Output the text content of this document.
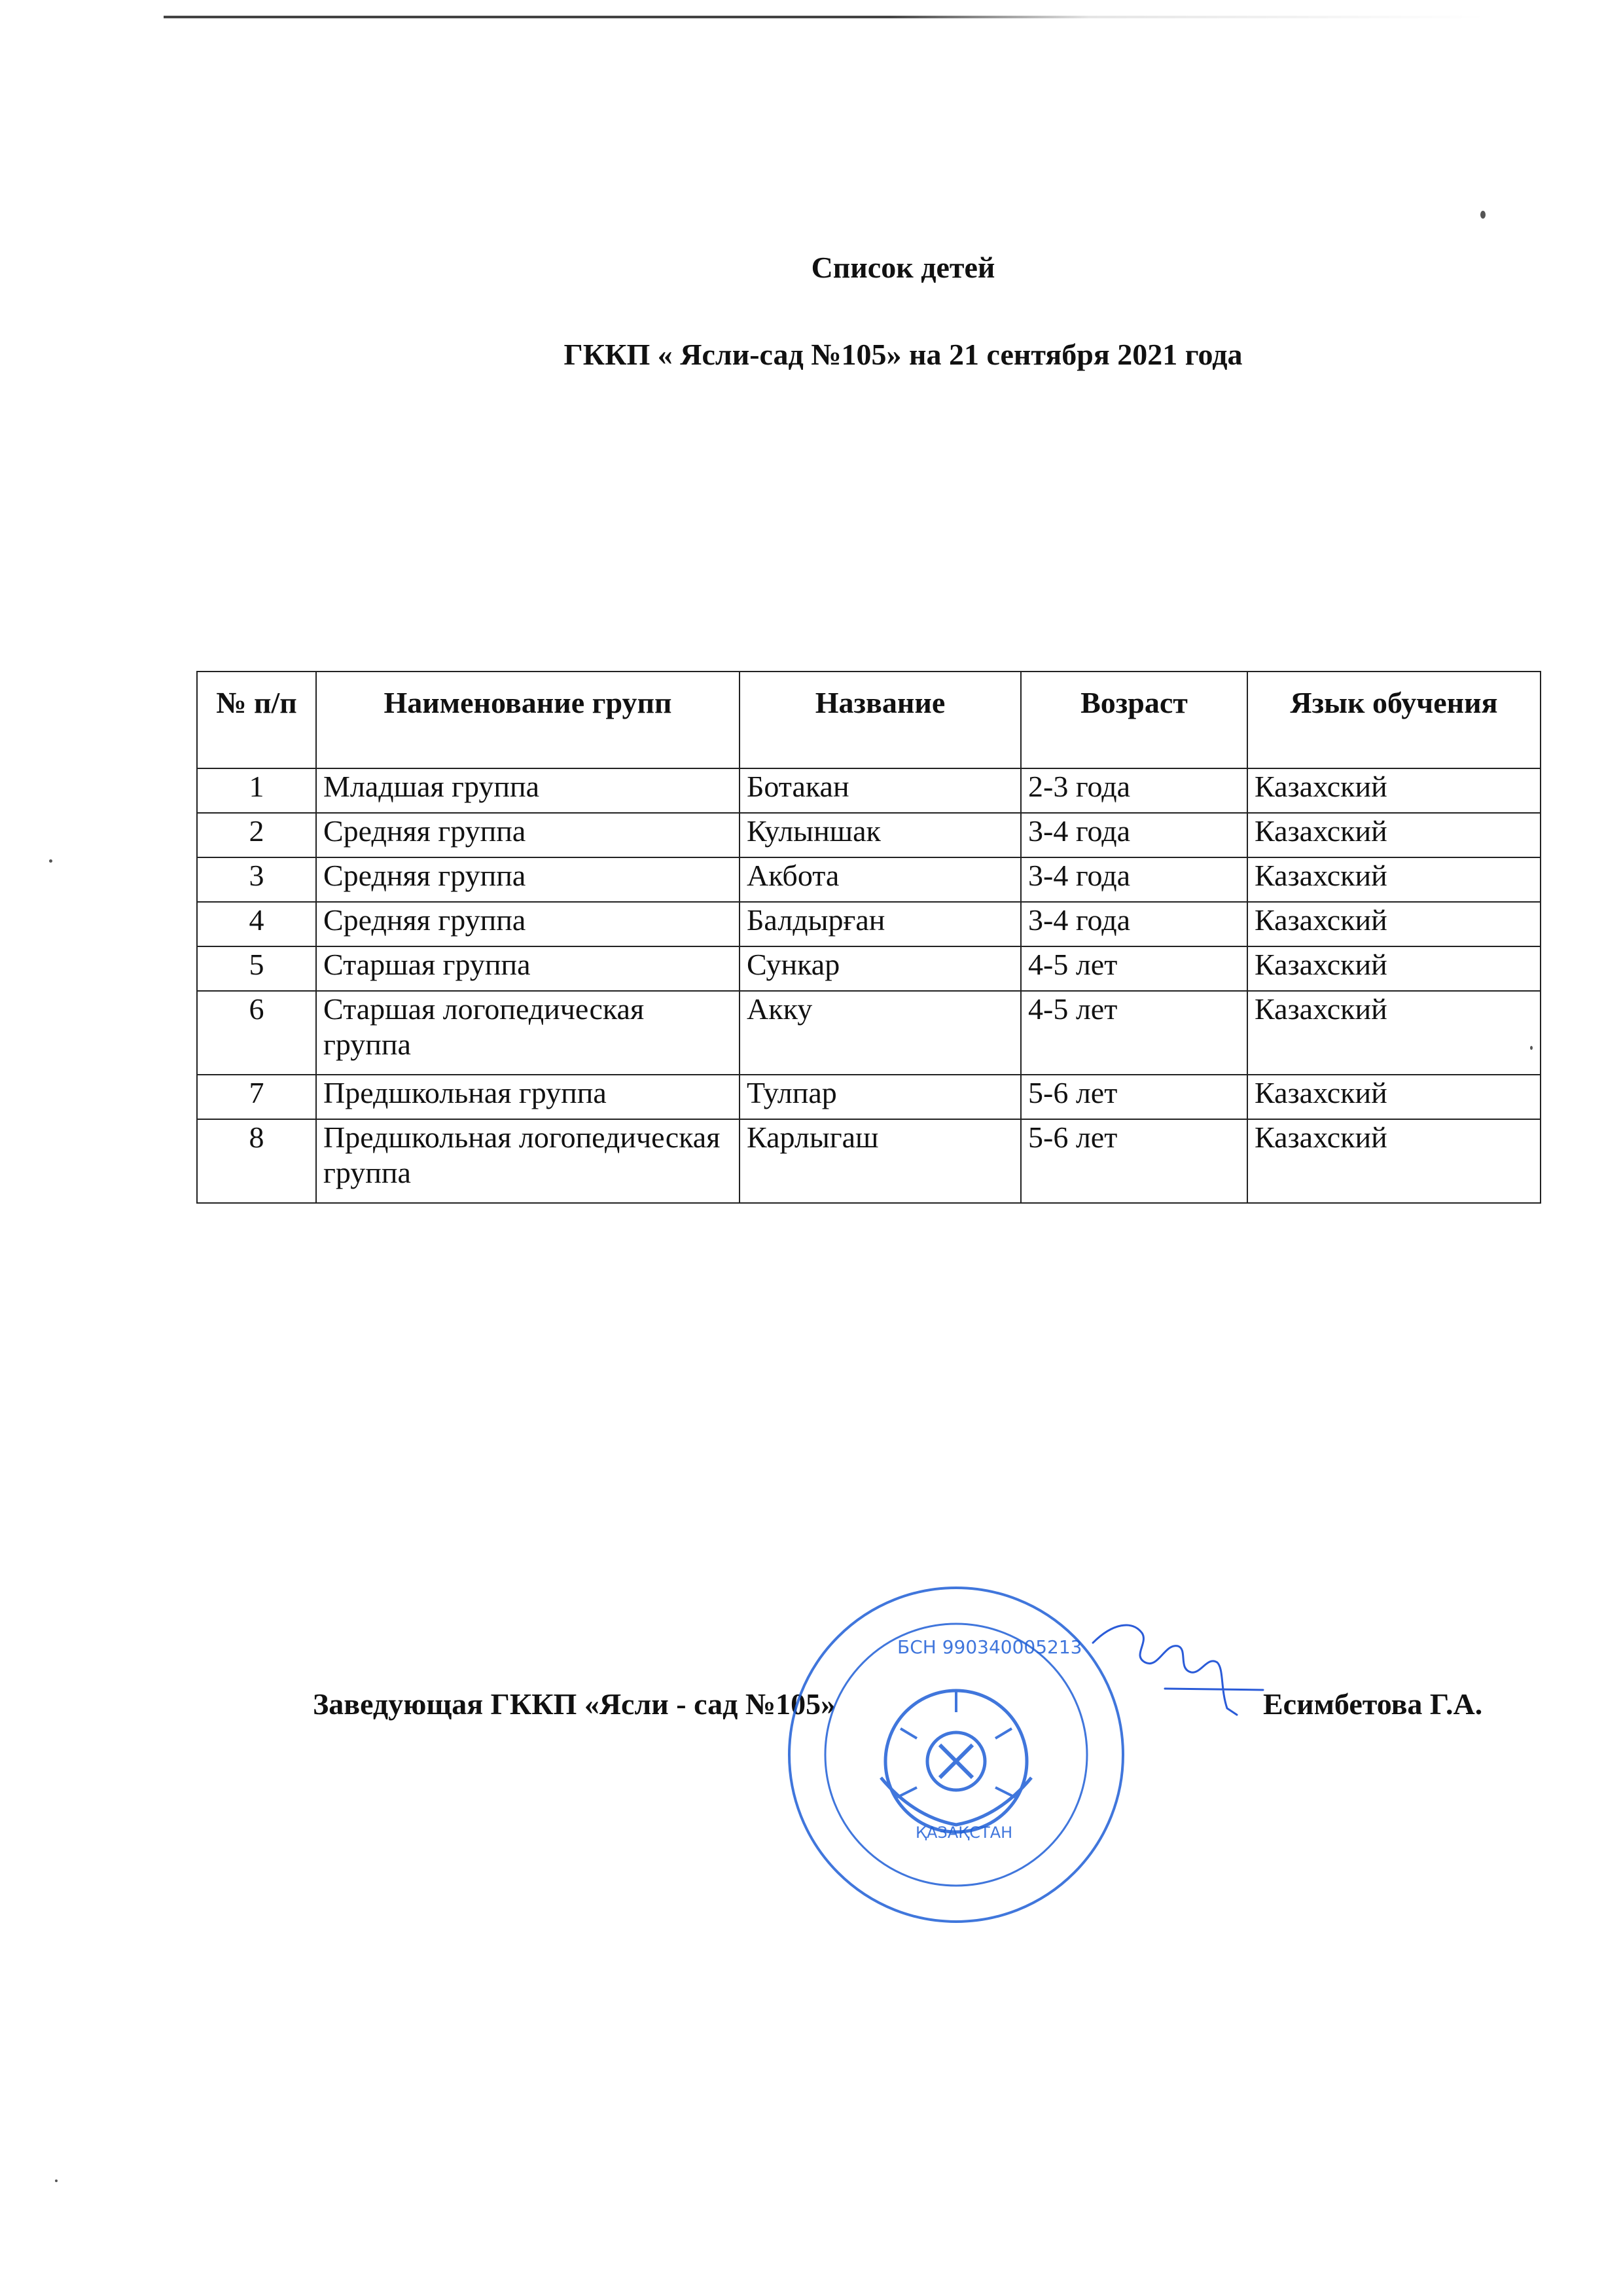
Список детей
ГККП « Ясли-сад №105» на 21 сентября 2021 года
№ п/п	Наименование групп	Название	Возраст	Язык обучения
1	Младшая группа	Ботакан	2-3 года	Казахский
2	Средняя группа	Кулыншак	3-4 года	Казахский
3	Средняя группа	Акбота	3-4 года	Казахский
4	Средняя группа	Балдырған	3-4 года	Казахский
5	Старшая группа	Сункар	4-5 лет	Казахский
6	Старшая логопедическая группа	Акку	4-5 лет	Казахский
7	Предшкольная группа	Тулпар	5-6 лет	Казахский
8	Предшкольная логопедическая группа	Карлыгаш	5-6 лет	Казахский
Заведующая ГККП «Ясли - сад №105»	Есимбетова Г.А.
БСН 990340005213
ҚАЗАҚСТАН
